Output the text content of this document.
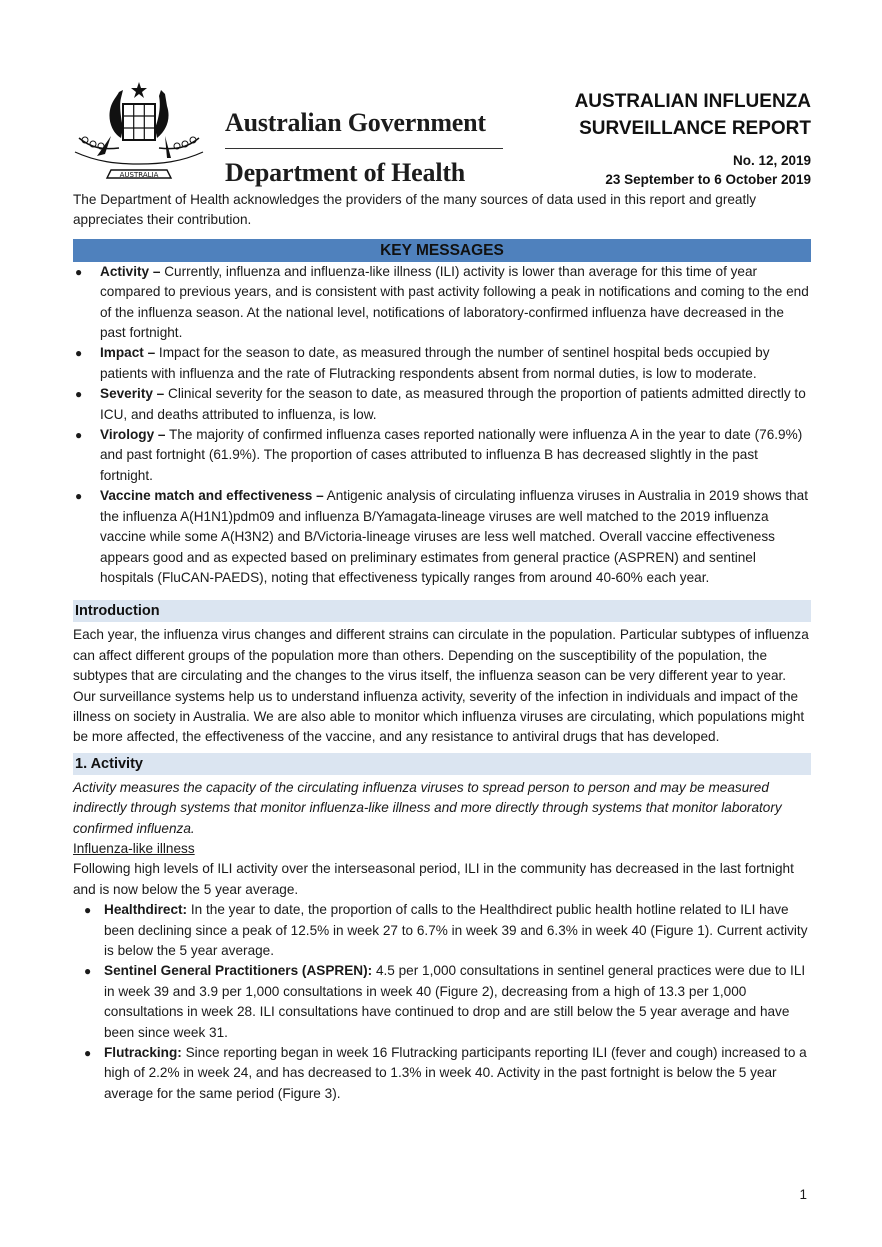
AUSTRALIA
Australian Government
Department of Health
AUSTRALIAN INFLUENZA
SURVEILLANCE REPORT
No. 12, 2019
23 September to 6 October 2019

The Department of Health acknowledges the providers of the many sources of data used in this report and greatly appreciates their contribution.

KEY MESSAGES
● Activity – Currently, influenza and influenza-like illness (ILI) activity is lower than average for this time of year compared to previous years, and is consistent with past activity following a peak in notifications and coming to the end of the influenza season. At the national level, notifications of laboratory-confirmed influenza have decreased in the past fortnight.
● Impact – Impact for the season to date, as measured through the number of sentinel hospital beds occupied by patients with influenza and the rate of Flutracking respondents absent from normal duties, is low to moderate.
● Severity – Clinical severity for the season to date, as measured through the proportion of patients admitted directly to ICU, and deaths attributed to influenza, is low.
● Virology – The majority of confirmed influenza cases reported nationally were influenza A in the year to date (76.9%) and past fortnight (61.9%). The proportion of cases attributed to influenza B has decreased slightly in the past fortnight.
● Vaccine match and effectiveness – Antigenic analysis of circulating influenza viruses in Australia in 2019 shows that the influenza A(H1N1)pdm09 and influenza B/Yamagata-lineage viruses are well matched to the 2019 influenza vaccine while some A(H3N2) and B/Victoria-lineage viruses are less well matched. Overall vaccine effectiveness appears good and as expected based on preliminary estimates from general practice (ASPREN) and sentinel hospitals (FluCAN-PAEDS), noting that effectiveness typically ranges from around 40-60% each year.
Introduction

Each year, the influenza virus changes and different strains can circulate in the population. Particular subtypes of influenza can affect different groups of the population more than others. Depending on the susceptibility of the population, the subtypes that are circulating and the changes to the virus itself, the influenza season can be very different year to year. Our surveillance systems help us to understand influenza activity, severity of the infection in individuals and impact of the illness on society in Australia. We are also able to monitor which influenza viruses are circulating, which populations might be more affected, the effectiveness of the vaccine, and any resistance to antiviral drugs that has developed.

1. Activity

Activity measures the capacity of the circulating influenza viruses to spread person to person and may be measured indirectly through systems that monitor influenza-like illness and more directly through systems that monitor laboratory confirmed influenza.

Influenza-like illness

Following high levels of ILI activity over the interseasonal period, ILI in the community has decreased in the last fortnight and is now below the 5 year average.

● Healthdirect: In the year to date, the proportion of calls to the Healthdirect public health hotline related to ILI have been declining since a peak of 12.5% in week 27 to 6.7% in week 39 and 6.3% in week 40 (Figure 1). Current activity is below the 5 year average.
● Sentinel General Practitioners (ASPREN): 4.5 per 1,000 consultations in sentinel general practices were due to ILI in week 39 and 3.9 per 1,000 consultations in week 40 (Figure 2), decreasing from a high of 13.3 per 1,000 consultations in week 28. ILI consultations have continued to drop and are still below the 5 year average and have been since week 31.
● Flutracking: Since reporting began in week 16 Flutracking participants reporting ILI (fever and cough) increased to a high of 2.2% in week 24, and has decreased to 1.3% in week 40. Activity in the past fortnight is below the 5 year average for the same period (Figure 3).
1
